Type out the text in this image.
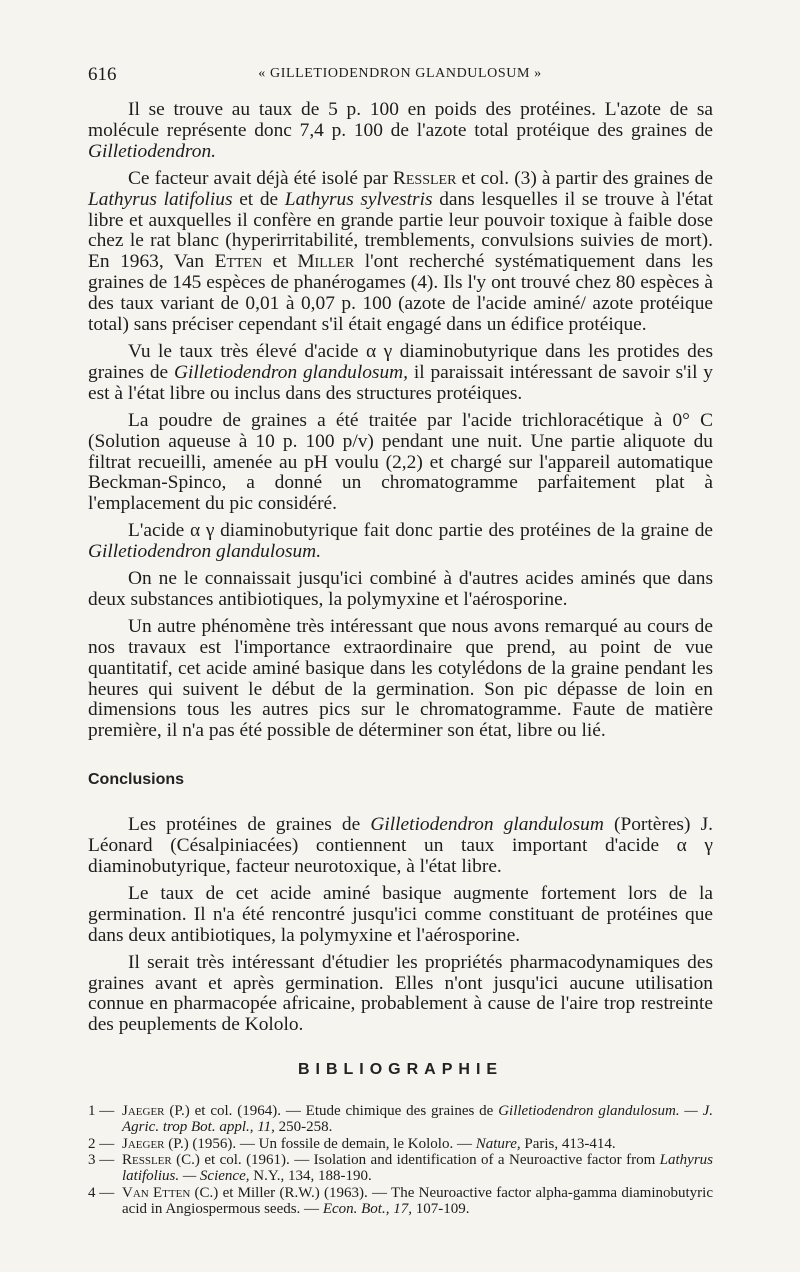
616	« GILLETIODENDRON GLANDULOSUM »

Il se trouve au taux de 5 p. 100 en poids des protéines. L'azote de sa molécule représente donc 7,4 p. 100 de l'azote total protéique des graines de Gilletiodendron.

Ce facteur avait déjà été isolé par Ressler et col. (3) à partir des graines de Lathyrus latifolius et de Lathyrus sylvestris dans lesquelles il se trouve à l'état libre et auxquelles il confère en grande partie leur pouvoir toxique à faible dose chez le rat blanc (hyperirritabilité, tremblements, convulsions suivies de mort). En 1963, Van Etten et Miller l'ont recherché systématiquement dans les graines de 145 espèces de phanérogames (4). Ils l'y ont trouvé chez 80 espèces à des taux variant de 0,01 à 0,07 p. 100 (azote de l'acide aminé/ azote protéique total) sans préciser cependant s'il était engagé dans un édifice protéique.

Vu le taux très élevé d'acide α γ diaminobutyrique dans les protides des graines de Gilletiodendron glandulosum, il paraissait intéressant de savoir s'il y est à l'état libre ou inclus dans des structures protéiques.

La poudre de graines a été traitée par l'acide trichloracétique à 0° C (Solution aqueuse à 10 p. 100 p/v) pendant une nuit. Une partie aliquote du filtrat recueilli, amenée au pH voulu (2,2) et chargé sur l'appareil automatique Beckman-Spinco, a donné un chromatogramme parfaitement plat à l'emplacement du pic considéré.

L'acide α γ diaminobutyrique fait donc partie des protéines de la graine de Gilletiodendron glandulosum.

On ne le connaissait jusqu'ici combiné à d'autres acides aminés que dans deux substances antibiotiques, la polymyxine et l'aérosporine.

Un autre phénomène très intéressant que nous avons remarqué au cours de nos travaux est l'importance extraordinaire que prend, au point de vue quantitatif, cet acide aminé basique dans les cotylédons de la graine pendant les heures qui suivent le début de la germination. Son pic dépasse de loin en dimensions tous les autres pics sur le chromatogramme. Faute de matière première, il n'a pas été possible de déterminer son état, libre ou lié.

Conclusions

Les protéines de graines de Gilletiodendron glandulosum (Portères) J. Léonard (Césalpiniacées) contiennent un taux important d'acide α γ diaminobutyrique, facteur neurotoxique, à l'état libre.

Le taux de cet acide aminé basique augmente fortement lors de la germination. Il n'a été rencontré jusqu'ici comme constituant de protéines que dans deux antibiotiques, la polymyxine et l'aérosporine.

Il serait très intéressant d'étudier les propriétés pharmacodynamiques des graines avant et après germination. Elles n'ont jusqu'ici aucune utilisation connue en pharmacopée africaine, probablement à cause de l'aire trop restreinte des peuplements de Kololo.

BIBLIOGRAPHIE
1 — Jaeger (P.) et col. (1964). — Etude chimique des graines de Gilletiodendron glandulosum. — J. Agric. trop Bot. appl., 11, 250-258.
2 — Jaeger (P.) (1956). — Un fossile de demain, le Kololo. — Nature, Paris, 413-414.
3 — Ressler (C.) et col. (1961). — Isolation and identification of a Neuroactive factor from Lathyrus latifolius. — Science, N.Y., 134, 188-190.
4 — Van Etten (C.) et Miller (R.W.) (1963). — The Neuroactive factor alpha-gamma diaminobutyric acid in Angiospermous seeds. — Econ. Bot., 17, 107-109.
